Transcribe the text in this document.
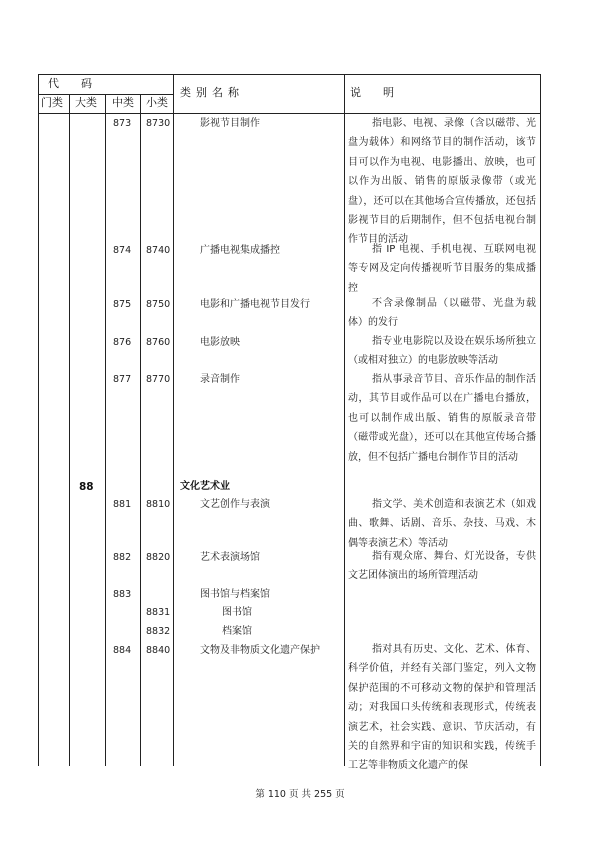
代　　码
门类 大类 中类 小类
类别名称	说　　明
873 8730	影视节目制作	指电影、电视、录像（含以磁带、光盘为载体）和网络节目的制作活动，该节目可以作为电视、电影播出、放映，也可以作为出版、销售的原版录像带（或光盘），还可以在其他场合宣传播放，还包括影视节目的后期制作，但不包括电视台制作节目的活动
874 8740	广播电视集成播控	指 IP 电视、手机电视、互联网电视等专网及定向传播视听节目服务的集成播控
875 8750	电影和广播电视节目发行	不含录像制品（以磁带、光盘为载体）的发行
876 8760	电影放映	指专业电影院以及设在娱乐场所独立（或相对独立）的电影放映等活动
877 8770	录音制作	指从事录音节目、音乐作品的制作活动，其节目或作品可以在广播电台播放，也可以制作成出版、销售的原版录音带（磁带或光盘），还可以在其他宣传场合播放，但不包括广播电台制作节目的活动
88	文化艺术业
881 8810	文艺创作与表演	指文学、美术创造和表演艺术（如戏曲、歌舞、话剧、音乐、杂技、马戏、木偶等表演艺术）等活动
882 8820	艺术表演场馆	指有观众席、舞台、灯光设备，专供文艺团体演出的场所管理活动
883	图书馆与档案馆
8831	图书馆
8832	档案馆
884 8840	文物及非物质文化遗产保护	指对具有历史、文化、艺术、体育、科学价值，并经有关部门鉴定，列入文物保护范围的不可移动文物的保护和管理活动；对我国口头传统和表现形式，传统表演艺术，社会实践、意识、节庆活动，有关的自然界和宇宙的知识和实践，传统手工艺等非物质文化遗产的保
第 110 页 共 255 页
